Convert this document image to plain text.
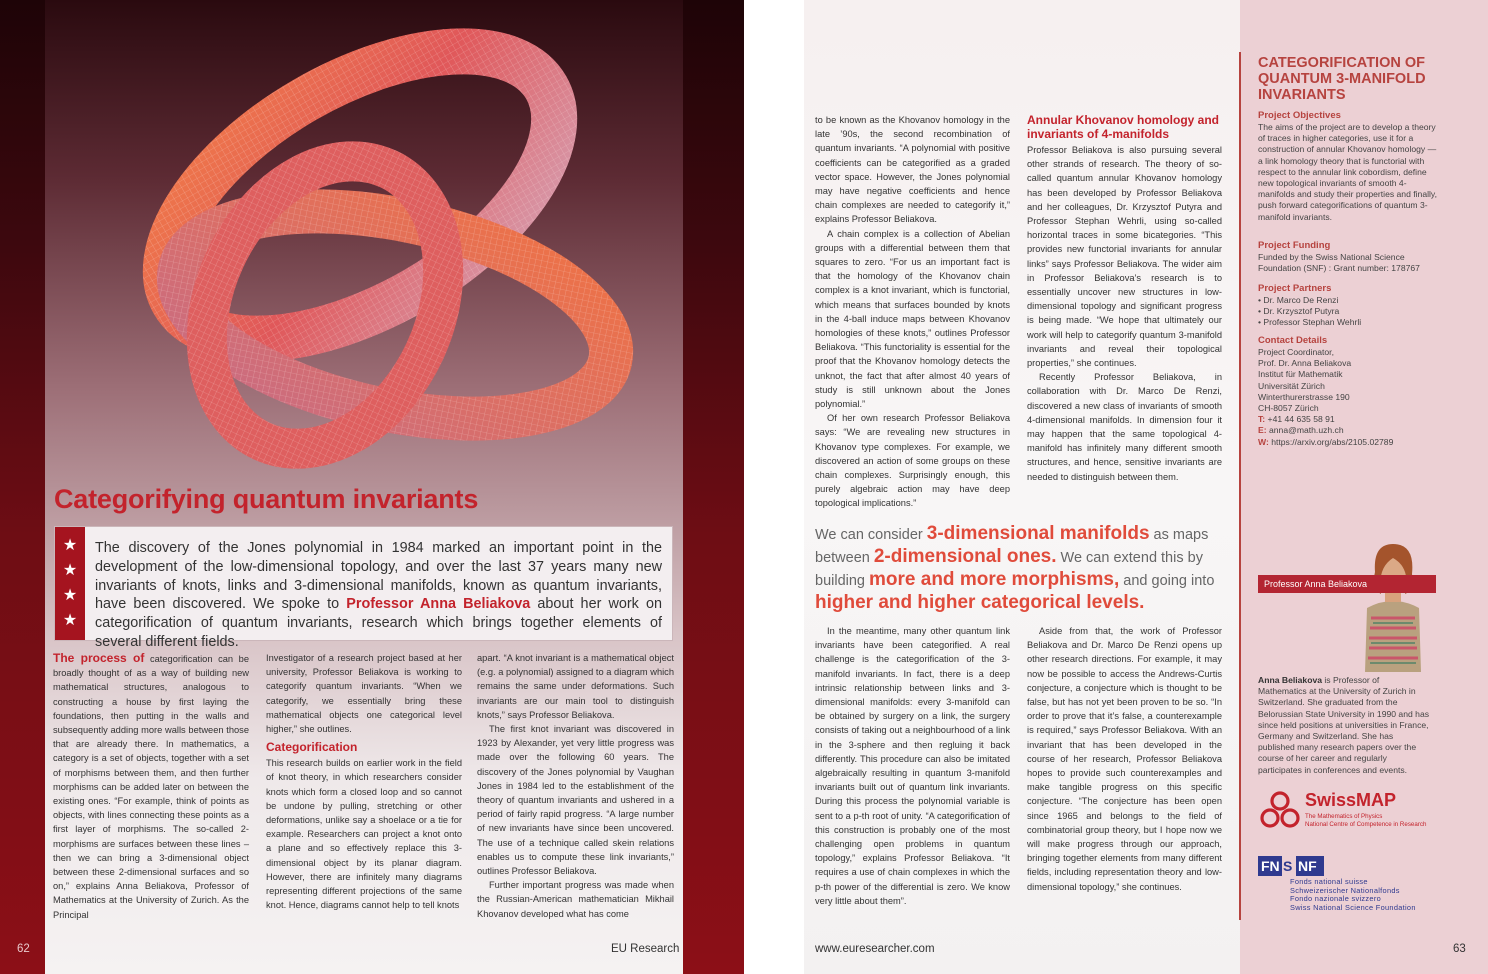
Categorifying quantum invariants
★
★
★
★
The discovery of the Jones polynomial in 1984 marked an important point in the development of the low-dimensional topology, and over the last 37 years many new invariants of knots, links and 3-dimensional manifolds, known as quantum invariants, have been discovered. We spoke to Professor Anna Beliakova about her work on categorification of quantum invariants, research which brings together elements of several different fields.

The process of categorification can be broadly thought of as a way of building new mathematical structures, analogous to constructing a house by first laying the foundations, then putting in the walls and subsequently adding more walls between those that are already there. In mathematics, a category is a set of objects, together with a set of morphisms between them, and then further morphisms can be added later on between the existing ones. “For example, think of points as objects, with lines connecting these points as a first layer of morphisms. The so-called 2-morphisms are surfaces between these lines – then we can bring a 3-dimensional object between these 2-dimensional surfaces and so on,” explains Anna Beliakova, Professor of Mathematics at the University of Zurich. As the Principal

Investigator of a research project based at her university, Professor Beliakova is working to categorify quantum invariants. “When we categorify, we essentially bring these mathematical objects one categorical level higher,” she outlines.

Categorification

This research builds on earlier work in the field of knot theory, in which researchers consider knots which form a closed loop and so cannot be undone by pulling, stretching or other deformations, unlike say a shoelace or a tie for example. Researchers can project a knot onto a plane and so effectively replace this 3-dimensional object by its planar diagram. However, there are infinitely many diagrams representing different projections of the same knot. Hence, diagrams cannot help to tell knots

apart. “A knot invariant is a mathematical object (e.g. a polynomial) assigned to a diagram which remains the same under deformations. Such invariants are our main tool to distinguish knots,” says Professor Beliakova.

The first knot invariant was discovered in 1923 by Alexander, yet very little progress was made over the following 60 years. The discovery of the Jones polynomial by Vaughan Jones in 1984 led to the establishment of the theory of quantum invariants and ushered in a period of fairly rapid progress. “A large number of new invariants have since been uncovered. The use of a technique called skein relations enables us to compute these link invariants,” outlines Professor Beliakova.

Further important progress was made when the Russian-American mathematician Mikhail Khovanov developed what has come

62	EU Research

to be known as the Khovanov homology in the late ’90s, the second recombination of quantum invariants. “A polynomial with positive coefficients can be categorified as a graded vector space. However, the Jones polynomial may have negative coefficients and hence chain complexes are needed to categorify it,” explains Professor Beliakova.

A chain complex is a collection of Abelian groups with a differential between them that squares to zero. “For us an important fact is that the homology of the Khovanov chain complex is a knot invariant, which is functorial, which means that surfaces bounded by knots in the 4-ball induce maps between Khovanov homologies of these knots,” outlines Professor Beliakova. “This functoriality is essential for the proof that the Khovanov homology detects the unknot, the fact that after almost 40 years of study is still unknown about the Jones polynomial.”

Of her own research Professor Beliakova says: “We are revealing new structures in Khovanov type complexes. For example, we discovered an action of some groups on these chain complexes. Surprisingly enough, this purely algebraic action may have deep topological implications.”

Annular Khovanov homology and invariants of 4-manifolds

Professor Beliakova is also pursuing several other strands of research. The theory of so-called quantum annular Khovanov homology has been developed by Professor Beliakova and her colleagues, Dr. Krzysztof Putyra and Professor Stephan Wehrli, using so-called horizontal traces in some bicategories. “This provides new functorial invariants for annular links” says Professor Beliakova. The wider aim in Professor Beliakova’s research is to essentially uncover new structures in low-dimensional topology and significant progress is being made. “We hope that ultimately our work will help to categorify quantum 3-manifold invariants and reveal their topological properties,” she continues.

Recently Professor Beliakova, in collaboration with Dr. Marco De Renzi, discovered a new class of invariants of smooth 4-dimensional manifolds. In dimension four it may happen that the same topological 4-manifold has infinitely many different smooth structures, and hence, sensitive invariants are needed to distinguish between them.

We can consider 3-dimensional manifolds as maps between 2-dimensional ones. We can extend this by building more and more morphisms, and going into higher and higher categorical levels.

In the meantime, many other quantum link invariants have been categorified. A real challenge is the categorification of the 3-manifold invariants. In fact, there is a deep intrinsic relationship between links and 3-dimensional manifolds: every 3-manifold can be obtained by surgery on a link, the surgery consists of taking out a neighbourhood of a link in the 3-sphere and then regluing it back differently. This procedure can also be imitated algebraically resulting in quantum 3-manifold invariants built out of quantum link invariants. During this process the polynomial variable is sent to a p-th root of unity. “A categorification of this construction is probably one of the most challenging open problems in quantum topology,” explains Professor Beliakova. “It requires a use of chain complexes in which the p-th power of the differential is zero. We know very little about them”.

Aside from that, the work of Professor Beliakova and Dr. Marco De Renzi opens up other research directions. For example, it may now be possible to access the Andrews-Curtis conjecture, a conjecture which is thought to be false, but has not yet been proven to be so. “In order to prove that it’s false, a counterexample is required,” says Professor Beliakova. With an invariant that has been developed in the course of her research, Professor Beliakova hopes to provide such counterexamples and make tangible progress on this specific conjecture. “The conjecture has been open since 1965 and belongs to the field of combinatorial group theory, but I hope now we will make progress through our approach, bringing together elements from many different fields, including representation theory and low-dimensional topology,” she continues.

CATEGORIFICATION OF QUANTUM 3-MANIFOLD INVARIANTS
Project Objectives
The aims of the project are to develop a theory of traces in higher categories, use it for a construction of annular Khovanov homology — a link homology theory that is functorial with respect to the annular link cobordism, define new topological invariants of smooth 4-manifolds and study their properties and finally, push forward categorifications of quantum 3-manifold invariants.
Project Funding
Funded by the Swiss National Science Foundation (SNF) : Grant number: 178767
Project Partners
• Dr. Marco De Renzi
• Dr. Krzysztof Putyra
• Professor Stephan Wehrli
Contact Details
Project Coordinator,
Prof. Dr. Anna Beliakova
Institut für Mathematik
Universität Zürich
Winterthurerstrasse 190
CH-8057 Zürich
T: +41 44 635 58 91
E: anna@math.uzh.ch
W: https://arxiv.org/abs/2105.02789
Professor Anna Beliakova
Anna Beliakova is Professor of Mathematics at the University of Zurich in Switzerland. She graduated from the Belorussian State University in 1990 and has since held positions at universities in France, Germany and Switzerland. She has published many research papers over the course of her career and regularly participates in conferences and events.
SwissMAP
The Mathematics of Physics
National Centre of Competence in Research
FN S NF
Fonds national suisse
Schweizerischer Nationalfonds
Fondo nazionale svizzero
Swiss National Science Foundation
www.euresearcher.com	63
